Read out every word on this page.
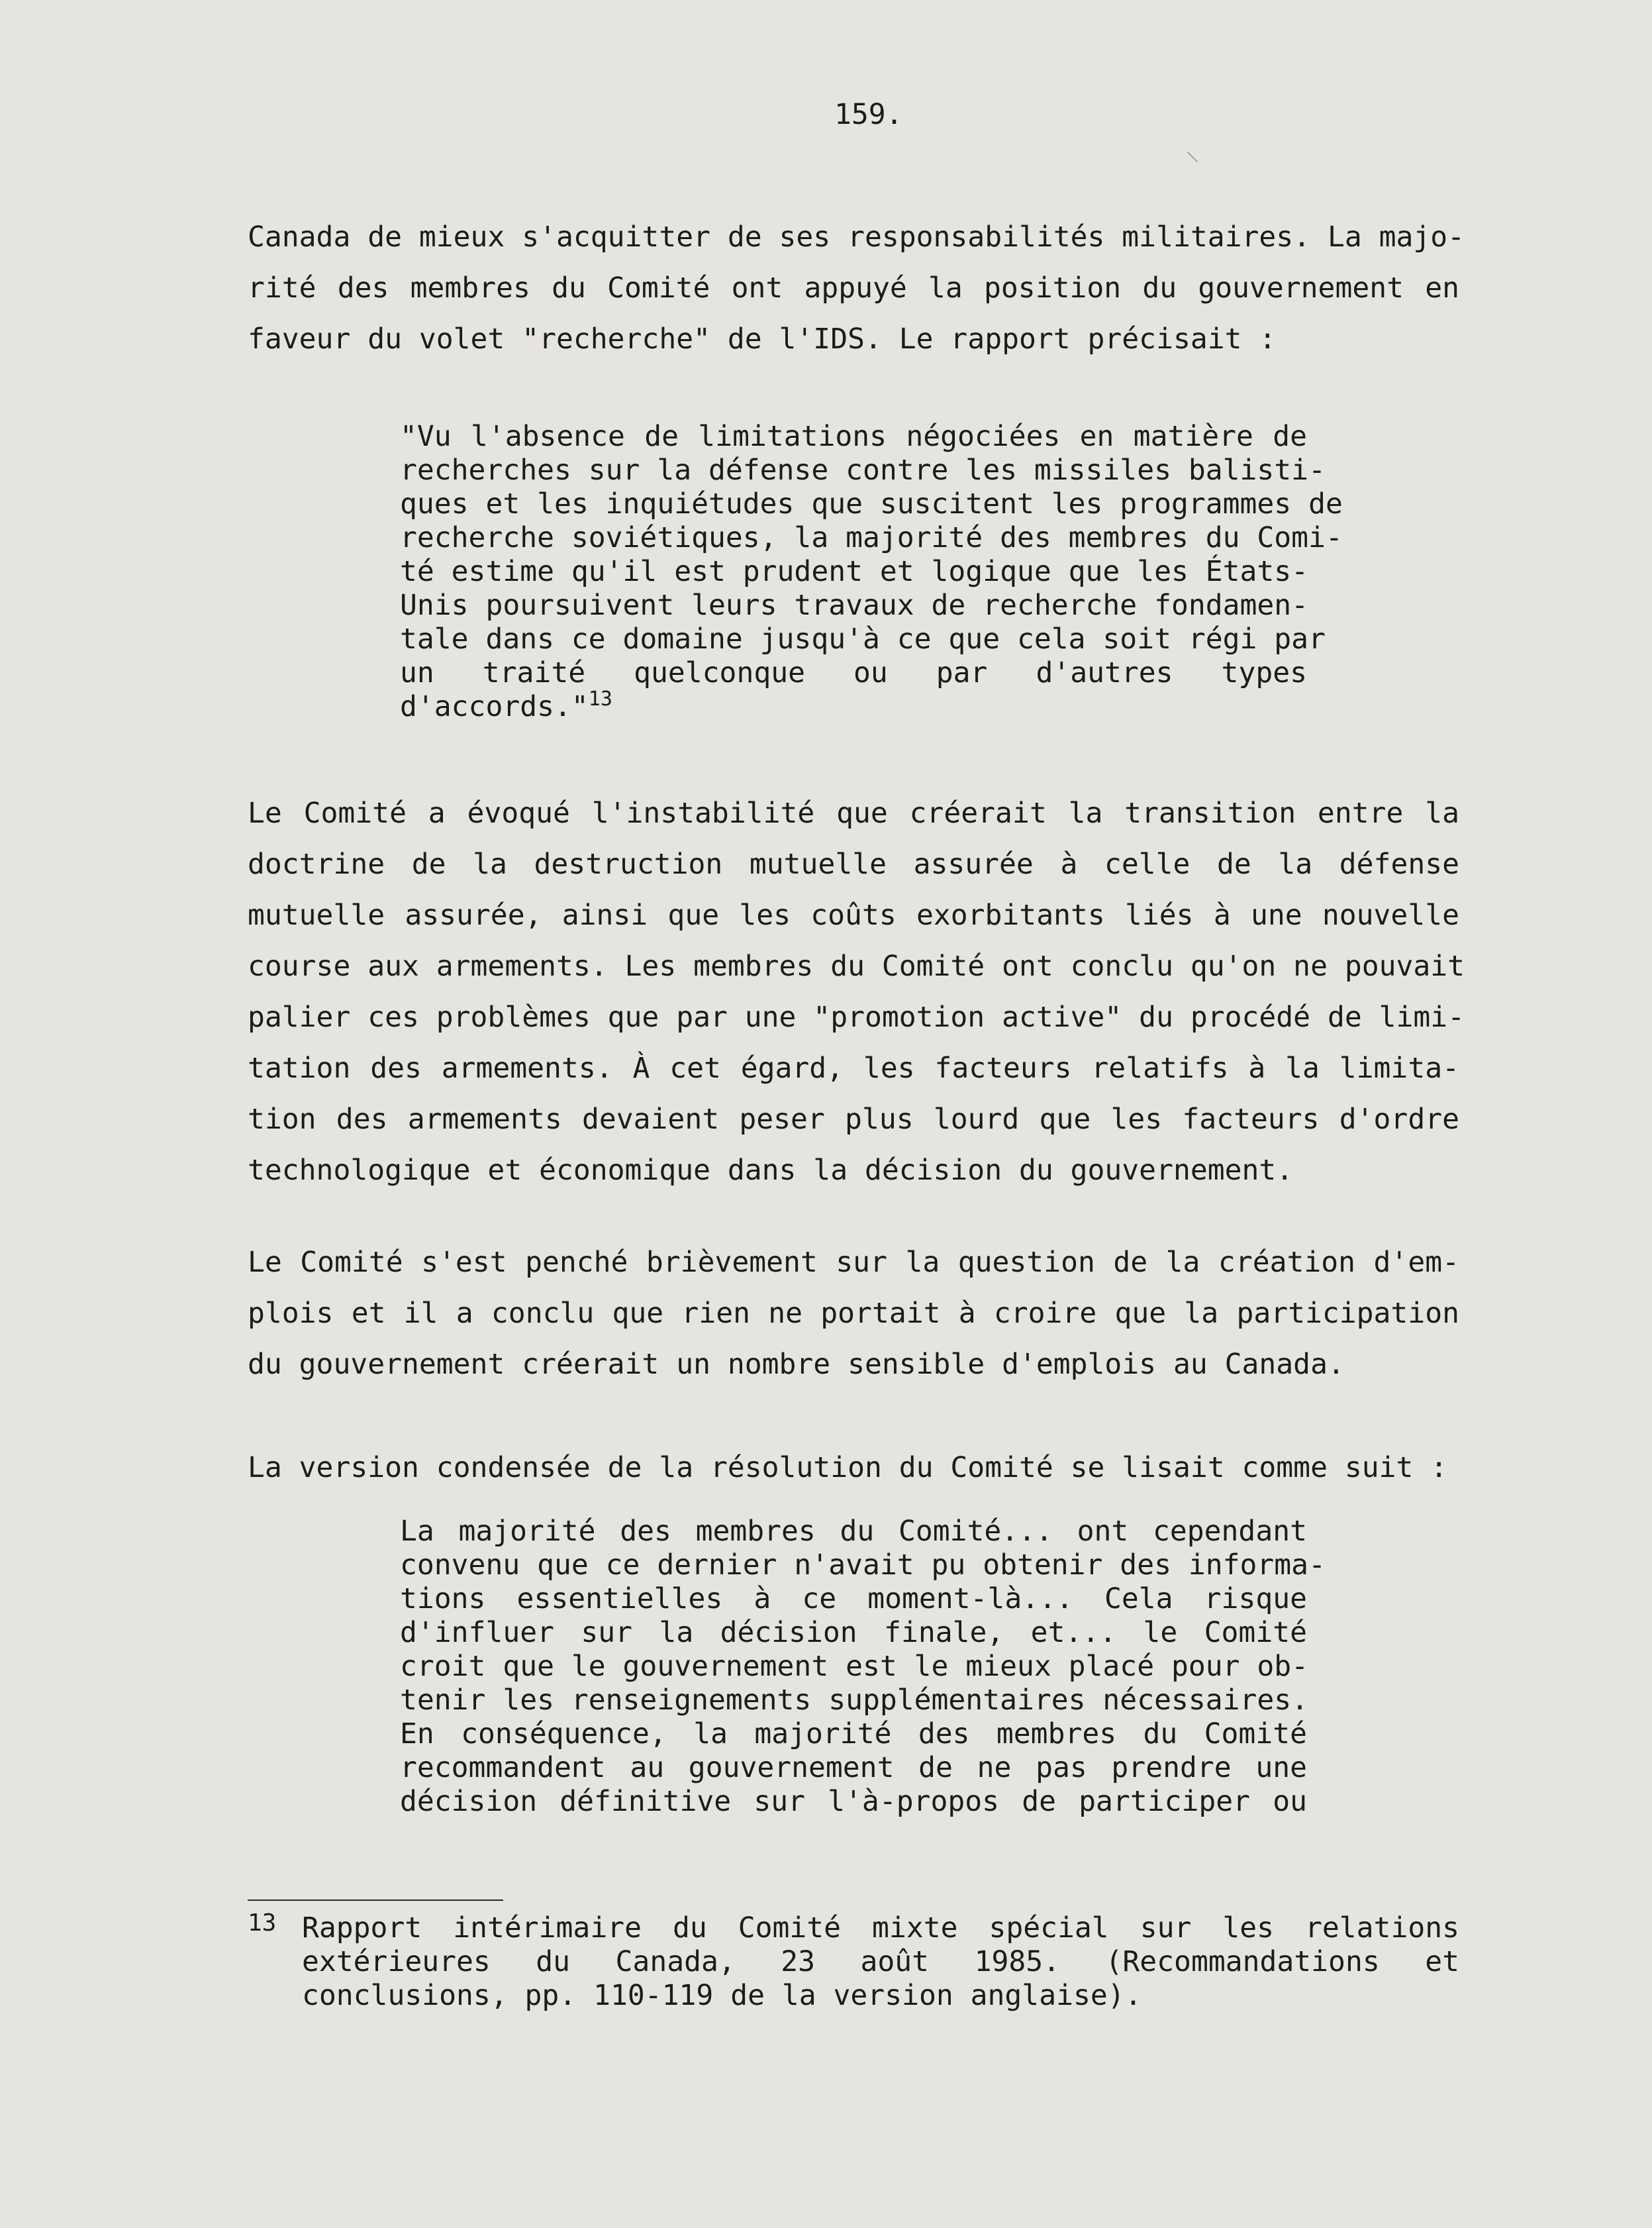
159.
Canada de mieux s'acquitter de ses responsabilités militaires. La majo-
rité des membres du Comité ont appuyé la position du gouvernement en
faveur du volet "recherche" de l'IDS. Le rapport précisait :
"Vu l'absence de limitations négociées en matière de
recherches sur la défense contre les missiles balisti-
ques et les inquiétudes que suscitent les programmes de
recherche soviétiques, la majorité des membres du Comi-
té estime qu'il est prudent et logique que les États-
Unis poursuivent leurs travaux de recherche fondamen-
tale dans ce domaine jusqu'à ce que cela soit régi par
un traité quelconque ou par d'autres types
d'accords."$^{13}$
Le Comité a évoqué l'instabilité que créerait la transition entre la
doctrine de la destruction mutuelle assurée à celle de la défense
mutuelle assurée, ainsi que les coûts exorbitants liés à une nouvelle
course aux armements. Les membres du Comité ont conclu qu'on ne pouvait
palier ces problèmes que par une "promotion active" du procédé de limi-
tation des armements. À cet égard, les facteurs relatifs à la limita-
tion des armements devaient peser plus lourd que les facteurs d'ordre
technologique et économique dans la décision du gouvernement.
Le Comité s'est penché brièvement sur la question de la création d'em-
plois et il a conclu que rien ne portait à croire que la participation
du gouvernement créerait un nombre sensible d'emplois au Canada.
La version condensée de la résolution du Comité se lisait comme suit :
La majorité des membres du Comité... ont cependant
convenu que ce dernier n'avait pu obtenir des informa-
tions essentielles à ce moment-là... Cela risque
d'influer sur la décision finale, et... le Comité
croit que le gouvernement est le mieux placé pour ob-
tenir les renseignements supplémentaires nécessaires.
En conséquence, la majorité des membres du Comité
recommandent au gouvernement de ne pas prendre une
décision définitive sur l'à-propos de participer ou
13 Rapport intérimaire du Comité mixte spécial sur les relations
extérieures du Canada, 23 août 1985. (Recommandations et
conclusions, pp. 110-119 de la version anglaise).
